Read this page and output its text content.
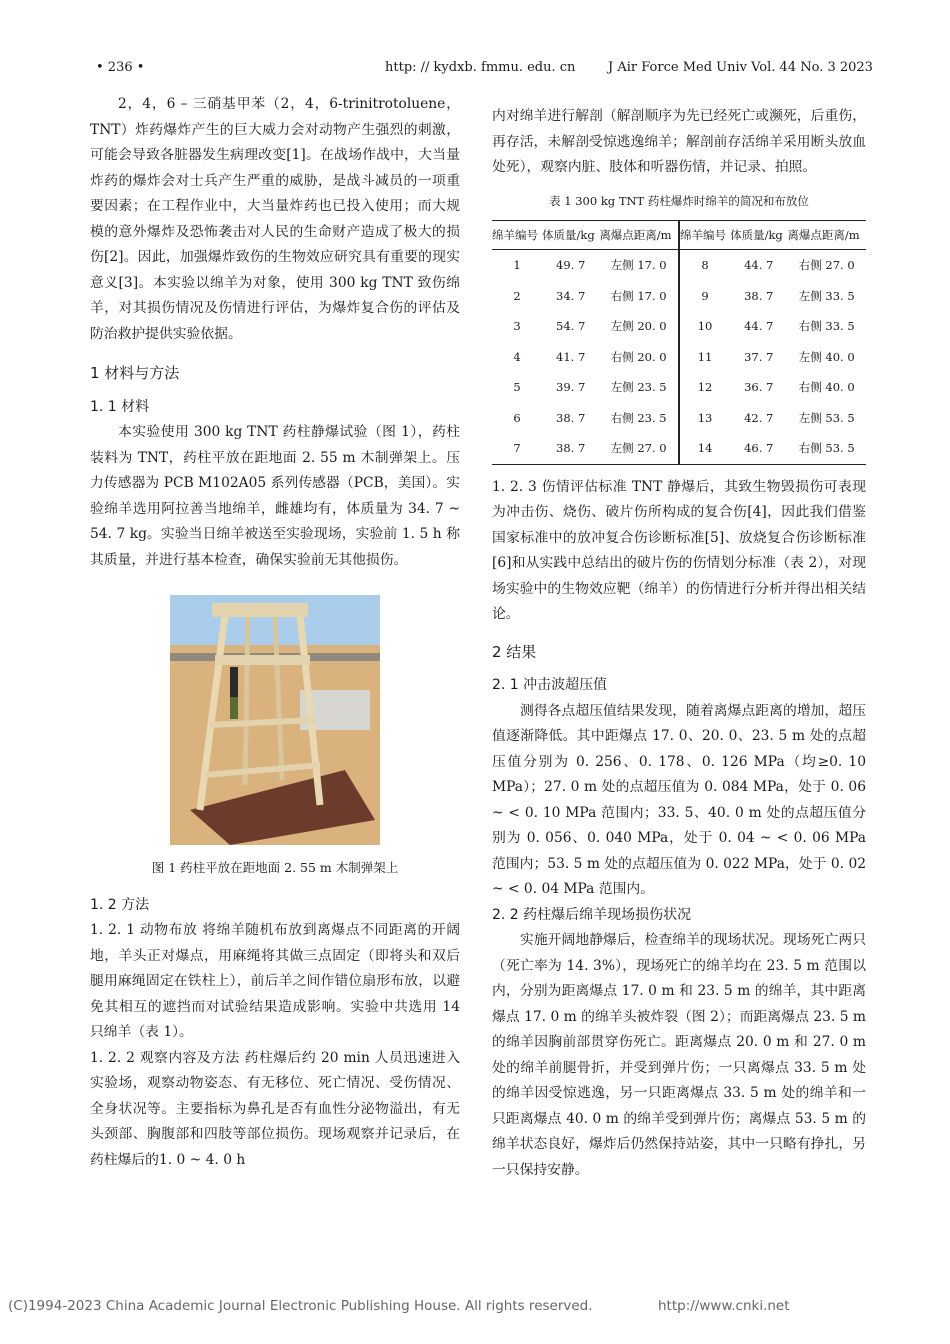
• 236 •	http: // kydxb. fmmu. edu. cn	J Air Force Med Univ Vol. 44 No. 3 2023

2，4，6 – 三硝基甲苯（2，4，6-trinitrotoluene，TNT）炸药爆炸产生的巨大威力会对动物产生强烈的刺激，可能会导致各脏器发生病理改变[1]。在战场作战中，大当量炸药的爆炸会对士兵产生严重的威胁，是战斗减员的一项重要因素；在工程作业中，大当量炸药也已投入使用；而大规模的意外爆炸及恐怖袭击对人民的生命财产造成了极大的损伤[2]。因此，加强爆炸致伤的生物效应研究具有重要的现实意义[3]。本实验以绵羊为对象，使用 300 kg TNT 致伤绵羊，对其损伤情况及伤情进行评估，为爆炸复合伤的评估及防治救护提供实验依据。

1 材料与方法

1. 1 材料

本实验使用 300 kg TNT 药柱静爆试验（图 1），药柱装料为 TNT，药柱平放在距地面 2. 55 m 木制弹架上。压力传感器为 PCB M102A05 系列传感器（PCB，美国）。实验绵羊选用阿拉善当地绵羊，雌雄均有，体质量为 34. 7 ~ 54. 7 kg。实验当日绵羊被送至实验现场，实验前 1. 5 h 称其质量，并进行基本检查，确保实验前无其他损伤。

图 1 药柱平放在距地面 2. 55 m 木制弹架上

1. 2 方法

1. 2. 1 动物布放 将绵羊随机布放到离爆点不同距离的开阔地，羊头正对爆点，用麻绳将其做三点固定（即将头和双后腿用麻绳固定在铁柱上），前后羊之间作错位扇形布放，以避免其相互的遮挡而对试验结果造成影响。实验中共选用 14 只绵羊（表 1）。

1. 2. 2 观察内容及方法 药柱爆后约 20 min 人员迅速进入实验场，观察动物姿态、有无移位、死亡情况、受伤情况、全身状况等。主要指标为鼻孔是否有血性分泌物溢出，有无头颈部、胸腹部和四肢等部位损伤。现场观察并记录后，在药柱爆后的1. 0 ~ 4. 0 h

内对绵羊进行解剖（解剖顺序为先已经死亡或濒死，后重伤，再存活，未解剖受惊逃逸绵羊；解剖前存活绵羊采用断头放血处死），观察内脏、肢体和听器伤情，并记录、拍照。

表 1 300 kg TNT 药柱爆炸时绵羊的简况和布放位

绵羊编号	体质量/kg	离爆点距离/m	绵羊编号	体质量/kg	离爆点距离/m
1	49. 7	左侧 17. 0	8	44. 7	右侧 27. 0
2	34. 7	右侧 17. 0	9	38. 7	左侧 33. 5
3	54. 7	左侧 20. 0	10	44. 7	右侧 33. 5
4	41. 7	右侧 20. 0	11	37. 7	左侧 40. 0
5	39. 7	左侧 23. 5	12	36. 7	右侧 40. 0
6	38. 7	右侧 23. 5	13	42. 7	左侧 53. 5
7	38. 7	左侧 27. 0	14	46. 7	右侧 53. 5

1. 2. 3 伤情评估标准 TNT 静爆后，其致生物毁损伤可表现为冲击伤、烧伤、破片伤所构成的复合伤[4]，因此我们借鉴国家标准中的放冲复合伤诊断标准[5]、放烧复合伤诊断标准[6]和从实践中总结出的破片伤的伤情划分标准（表 2），对现场实验中的生物效应靶（绵羊）的伤情进行分析并得出相关结论。

2 结果

2. 1 冲击波超压值

测得各点超压值结果发现，随着离爆点距离的增加，超压值逐渐降低。其中距爆点 17. 0、20. 0、23. 5 m 处的点超压值分别为 0. 256、0. 178、0. 126 MPa（均≥0. 10 MPa）；27. 0 m 处的点超压值为 0. 084 MPa，处于 0. 06 ~ < 0. 10 MPa 范围内；33. 5、40. 0 m 处的点超压值分别为 0. 056、0. 040 MPa，处于 0. 04 ~ < 0. 06 MPa 范围内；53. 5 m 处的点超压值为 0. 022 MPa，处于 0. 02 ~ < 0. 04 MPa 范围内。

2. 2 药柱爆后绵羊现场损伤状况

实施开阔地静爆后，检查绵羊的现场状况。现场死亡两只（死亡率为 14. 3%），现场死亡的绵羊均在 23. 5 m 范围以内，分别为距离爆点 17. 0 m 和 23. 5 m 的绵羊，其中距离爆点 17. 0 m 的绵羊头被炸裂（图 2）；而距离爆点 23. 5 m 的绵羊因胸前部贯穿伤死亡。距离爆点 20. 0 m 和 27. 0 m 处的绵羊前腿骨折，并受到弹片伤；一只离爆点 33. 5 m 处的绵羊因受惊逃逸，另一只距离爆点 33. 5 m 处的绵羊和一只距离爆点 40. 0 m 的绵羊受到弹片伤；离爆点 53. 5 m 的绵羊状态良好，爆炸后仍然保持站姿，其中一只略有挣扎，另一只保持安静。

(C)1994-2023 China Academic Journal Electronic Publishing House. All rights reserved.	http://www.cnki.net
